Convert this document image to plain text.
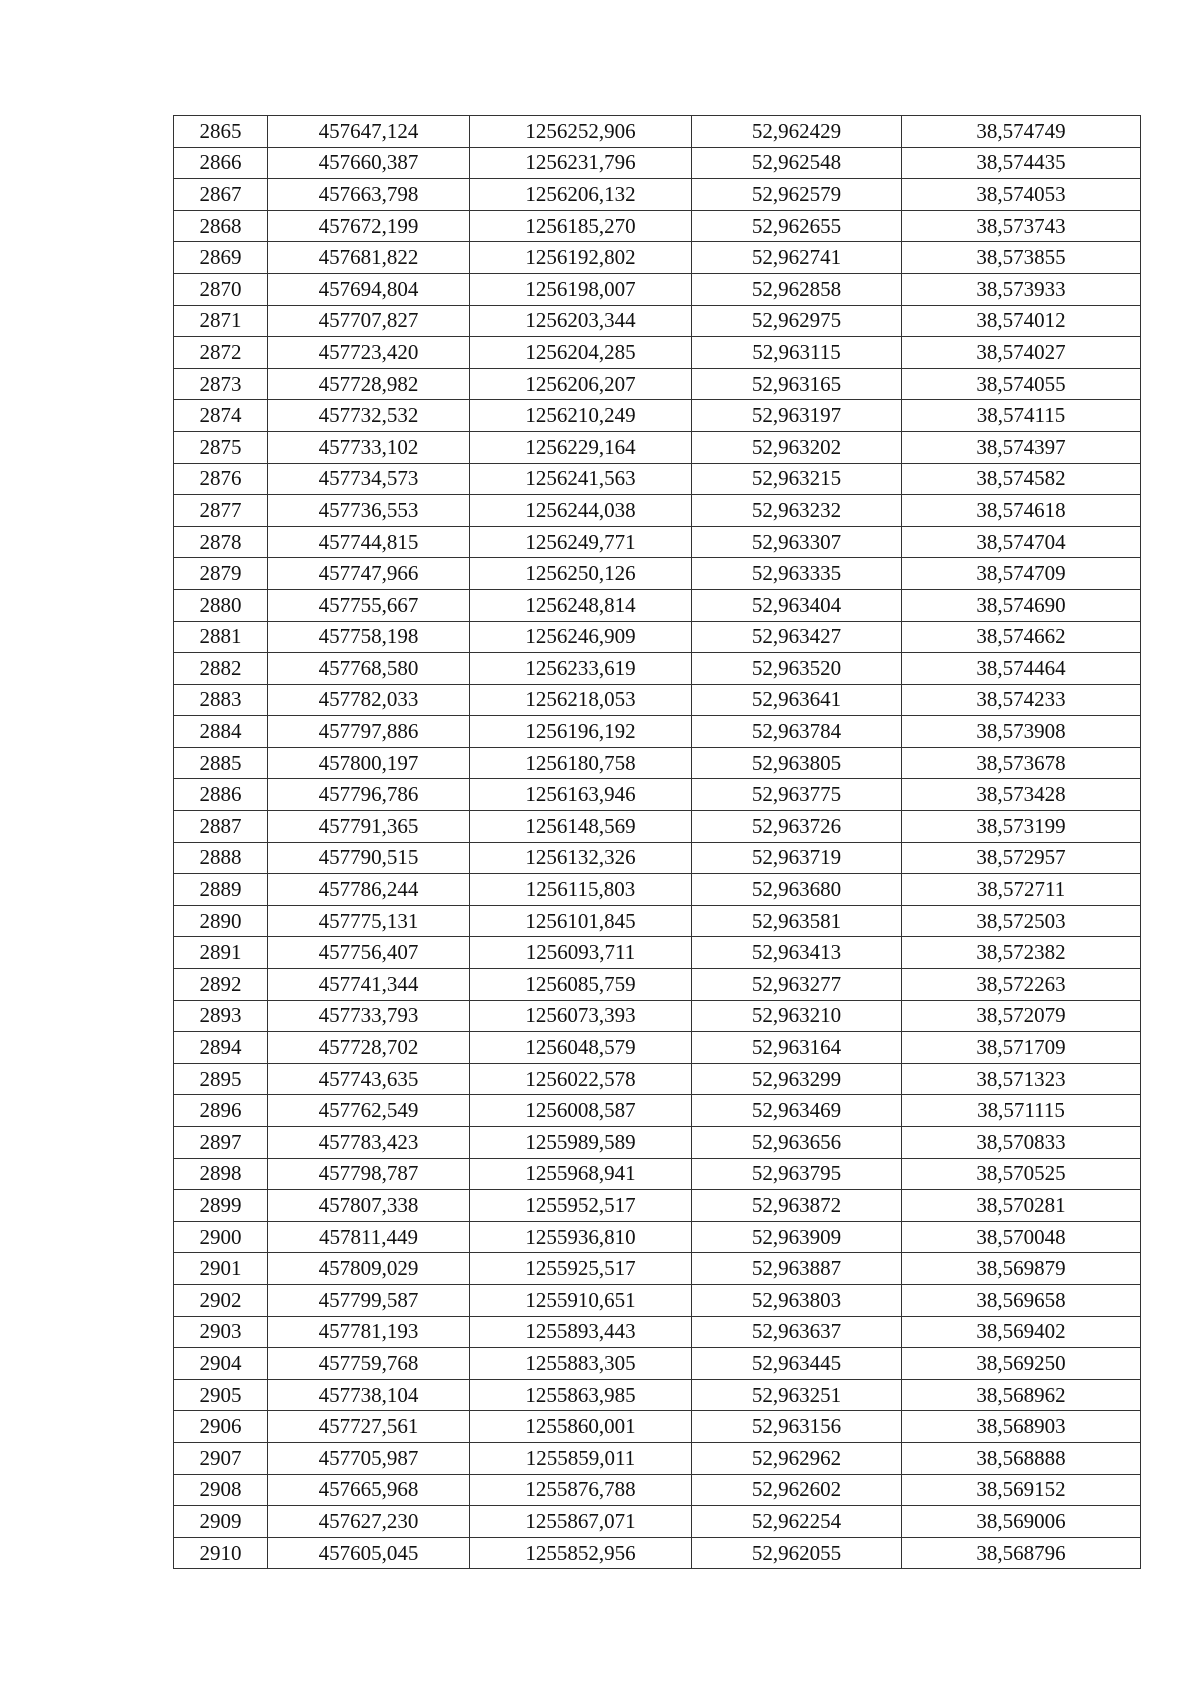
2865	457647,124	1256252,906	52,962429	38,574749
2866	457660,387	1256231,796	52,962548	38,574435
2867	457663,798	1256206,132	52,962579	38,574053
2868	457672,199	1256185,270	52,962655	38,573743
2869	457681,822	1256192,802	52,962741	38,573855
2870	457694,804	1256198,007	52,962858	38,573933
2871	457707,827	1256203,344	52,962975	38,574012
2872	457723,420	1256204,285	52,963115	38,574027
2873	457728,982	1256206,207	52,963165	38,574055
2874	457732,532	1256210,249	52,963197	38,574115
2875	457733,102	1256229,164	52,963202	38,574397
2876	457734,573	1256241,563	52,963215	38,574582
2877	457736,553	1256244,038	52,963232	38,574618
2878	457744,815	1256249,771	52,963307	38,574704
2879	457747,966	1256250,126	52,963335	38,574709
2880	457755,667	1256248,814	52,963404	38,574690
2881	457758,198	1256246,909	52,963427	38,574662
2882	457768,580	1256233,619	52,963520	38,574464
2883	457782,033	1256218,053	52,963641	38,574233
2884	457797,886	1256196,192	52,963784	38,573908
2885	457800,197	1256180,758	52,963805	38,573678
2886	457796,786	1256163,946	52,963775	38,573428
2887	457791,365	1256148,569	52,963726	38,573199
2888	457790,515	1256132,326	52,963719	38,572957
2889	457786,244	1256115,803	52,963680	38,572711
2890	457775,131	1256101,845	52,963581	38,572503
2891	457756,407	1256093,711	52,963413	38,572382
2892	457741,344	1256085,759	52,963277	38,572263
2893	457733,793	1256073,393	52,963210	38,572079
2894	457728,702	1256048,579	52,963164	38,571709
2895	457743,635	1256022,578	52,963299	38,571323
2896	457762,549	1256008,587	52,963469	38,571115
2897	457783,423	1255989,589	52,963656	38,570833
2898	457798,787	1255968,941	52,963795	38,570525
2899	457807,338	1255952,517	52,963872	38,570281
2900	457811,449	1255936,810	52,963909	38,570048
2901	457809,029	1255925,517	52,963887	38,569879
2902	457799,587	1255910,651	52,963803	38,569658
2903	457781,193	1255893,443	52,963637	38,569402
2904	457759,768	1255883,305	52,963445	38,569250
2905	457738,104	1255863,985	52,963251	38,568962
2906	457727,561	1255860,001	52,963156	38,568903
2907	457705,987	1255859,011	52,962962	38,568888
2908	457665,968	1255876,788	52,962602	38,569152
2909	457627,230	1255867,071	52,962254	38,569006
2910	457605,045	1255852,956	52,962055	38,568796
